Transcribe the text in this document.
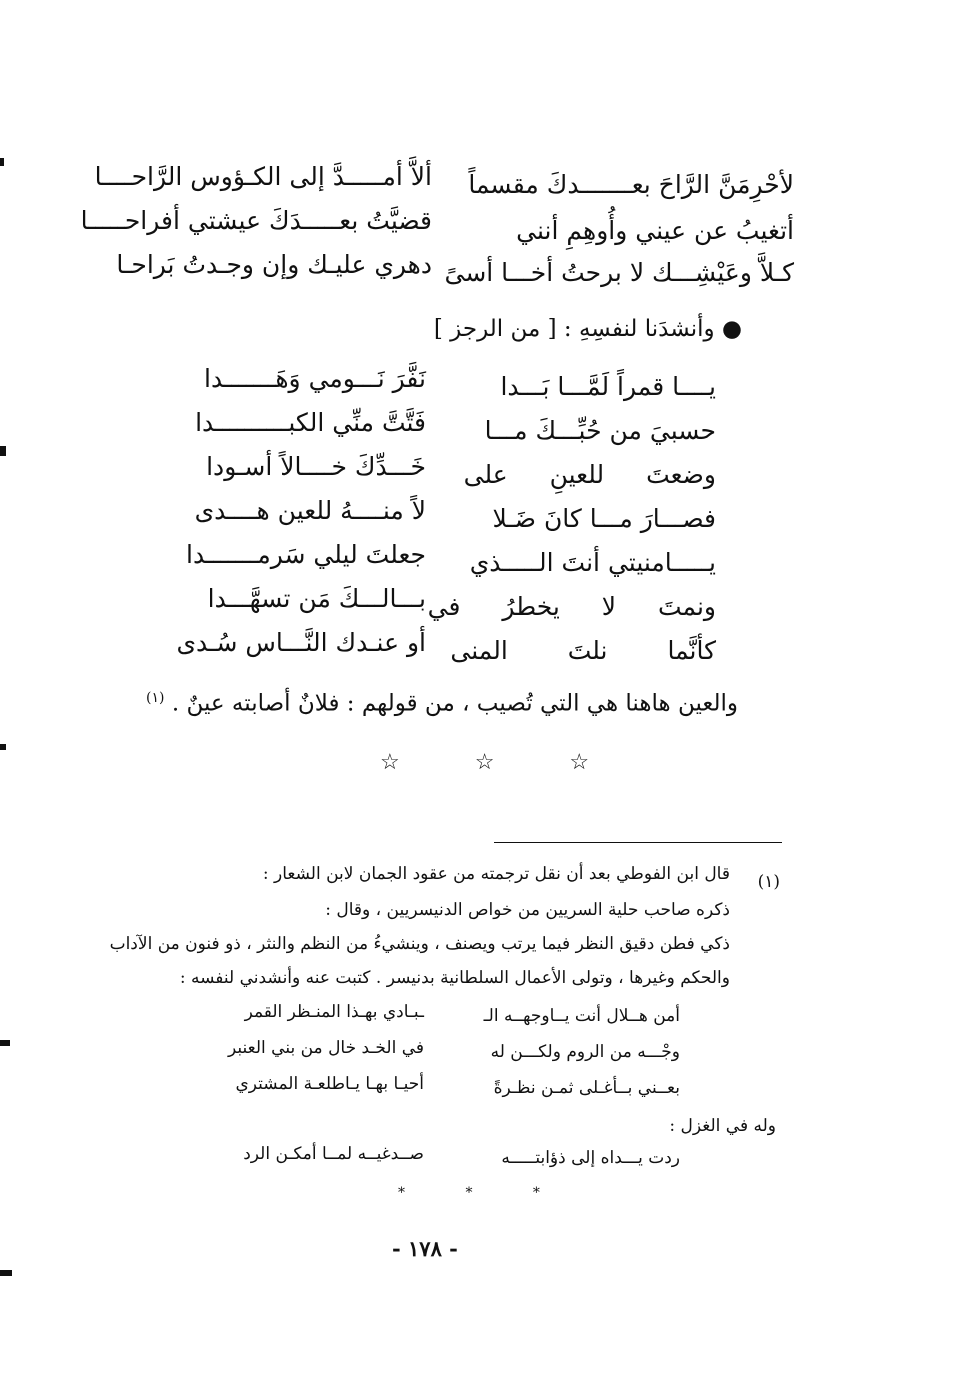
لأحْرِمَنَّ الرَّاحَ بعـــــــدكَ مقسماً
ألاَّ أمـــــدَّ إلى الكـؤوس الرَّاحــــا
أتغيبُ عن عيني وأُوهِمِ أنني
قضيَّتُ بعـــــدَكَ عيشتي أفراحـــــا
كـلاَّ وعَيْشِـــك لا برحتُ أخـــا أسىً
دهري عليـك وإن وجـدتُ بَراحـا
● وأنشدَنا لنفسِهِ : [ من الرجز ]
يــــا قمراً لَمَّـــا بَـــدا
نَفَّرَ نَـــومي وَهَـــــــدا
حسبيَ من حُبِّـــكَ مـــا
فَتَّتَّ منِّي الكبــــــــــدا
وضعتَ للعينِ على
خَـــدِّكَ خــــالاً أسـودا
فصـــارَ مـــا كانَ ضَـلا
لاً منــــهُ للعين هــــدى
يـــــامنيتي أنتَ الـــــذي
جعلتَ ليلي سَرمـــــــدا
ونمتَ لا يخطرُ في
بـــالـــكَ مَن تسهَّـــدا
كأنَّما نلتَ المنى
أو عنـدك النَّـــاس سُـدى
والعين هاهنا هي التي تُصيب ، من قولهم : فلانٌ أصابته عينٌ . $^{(١)}$
☆ ☆ ☆
(١)
قال ابن الفوطي بعد أن نقل ترجمته من عقود الجمان لابن الشعار :
ذكره صاحب حلية السريين من خواص الدنيسريين ، وقال :
ذكي فطن دقيق النظر فيما يرتب ويصنف ، وينشيءُ من النظم والنثر ، ذو فنون من الآداب
والحكم وغيرها ، وتولى الأعمال السلطانية بدنيسر . كتبت عنه وأنشدني لنفسه :
أمن هــلال أنت يــاوجهــه الـ
ـبـادي بهـذا المنـظر القمر
وجْـــه من الروم ولكـــن له
في الخـد خال من بني العنبر
بعــني بــأغـلى ثمـن نظـرةً
أحيـا بهـا يـاطلعـة المشتري
وله في الغزل :
ردت يـــداه إلى ذؤابتـــــه
صــدغيــه لمــا أمكـن الرد
* * *
- ١٧٨ -
